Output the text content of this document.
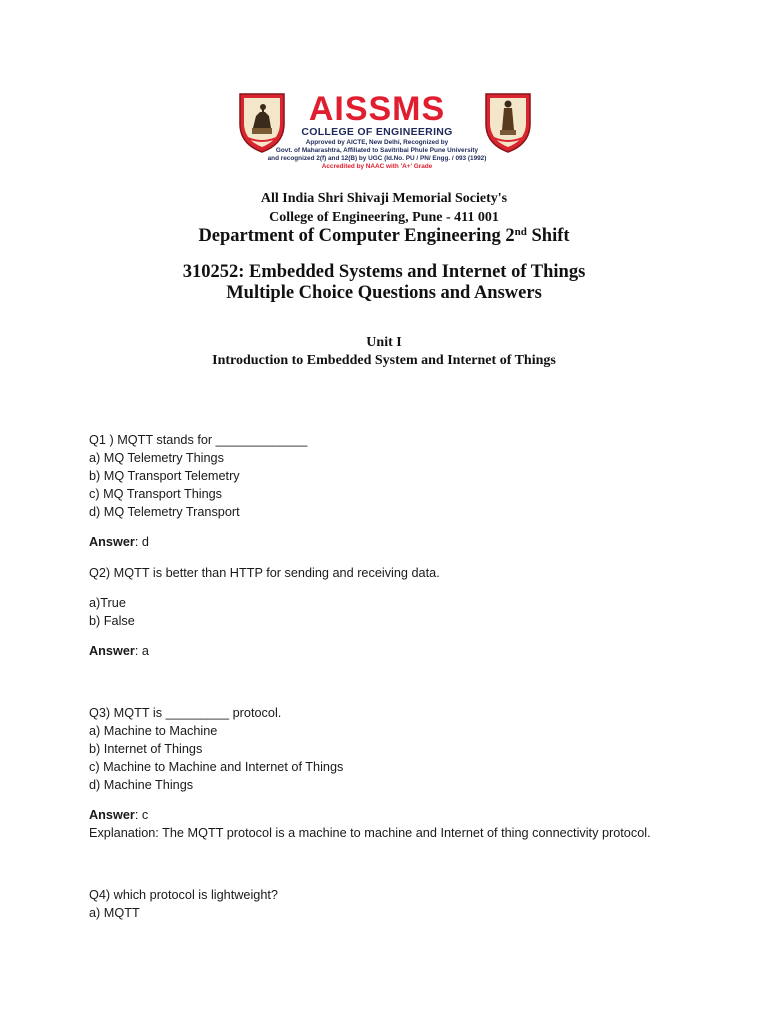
AISSMS
COLLEGE OF ENGINEERING
Approved by AICTE, New Delhi, Recognized by
Govt. of Maharashtra, Affiliated to Savitribai Phule Pune University
and recognized 2(f) and 12(B) by UGC (Id.No. PU / PN/ Engg. / 093 (1992)
Accredited by NAAC with 'A+' Grade
All India Shri Shivaji Memorial Society's
College of Engineering, Pune - 411 001
Department of Computer Engineering 2nd Shift
310252: Embedded Systems and Internet of Things
Multiple Choice Questions and Answers
Unit I
Introduction to Embedded System and Internet of Things
Q1 ) MQTT stands for _____________
a) MQ Telemetry Things
b) MQ Transport Telemetry
c) MQ Transport Things
d) MQ Telemetry Transport
Answer: d
Q2) MQTT is better than HTTP for sending and receiving data.
a)True
b) False
Answer: a
Q3) MQTT is _________ protocol.
a) Machine to Machine
b) Internet of Things
c) Machine to Machine and Internet of Things
d) Machine Things
Answer: c
Explanation: The MQTT protocol is a machine to machine and Internet of thing connectivity protocol.
Q4) which protocol is lightweight?
a) MQTT
